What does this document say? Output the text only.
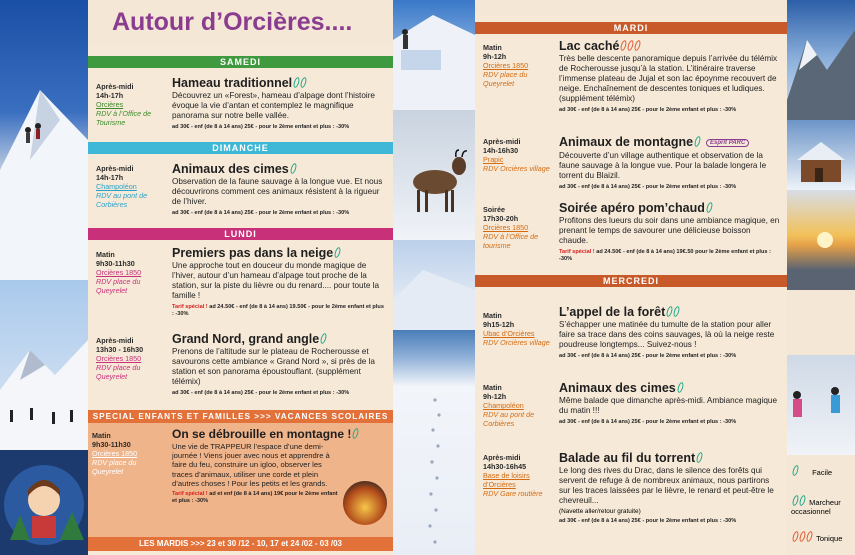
Autour d’Orcières....
SAMEDI
Après-midi
14h-17h
Orcières
RDV à l’Office de Tourisme
Hameau traditionnel
Découvrez un «Forest», hameau d’alpage dont l’histoire évoque la vie d’antan et contemplez le magnifique panorama sur notre belle vallée.
ad 30€ - enf (de 8 à 14 ans) 25€ - pour le 2ème enfant et plus : -30%
DIMANCHE
Après-midi
14h-17h
Champoléon
RDV au pont de Corbières
Animaux des cimes
Observation de la faune sauvage à la longue vue. Et nous découvrirons comment ces animaux résistent à la rigueur de l’hiver.
ad 30€ - enf (de 8 à 14 ans) 25€ - pour le 2ème enfant et plus : -30%
LUNDI
Matin
9h30-11h30
Orcières 1850
RDV place du Queyrelet
Premiers pas dans la neige
Une approche tout en douceur du monde magique de l’hiver, autour d’un hameau d’alpage tout proche de la station, sur la piste du lièvre ou du renard.... pour toute la famille !
Tarif spécial ! ad 24.50€ - enf (de 8 à 14 ans) 19.50€ - pour le 2ème enfant et plus : -30%
Après-midi
13h30 - 16h30
Orcières 1850
RDV place du Queyrelet
Grand Nord, grand angle
Prenons de l’altitude sur le plateau de Rocherousse et savourons cette ambiance « Grand Nord », si près de la station et son panorama époustouflant. (supplément télémix)
ad 30€ - enf (de 8 à 14 ans) 25€ - pour le 2ème enfant et plus : -30%
SPECIAL ENFANTS ET FAMILLES >>> VACANCES SCOLAIRES
Matin
9h30-11h30
Orcières 1850
RDV place du Queyrelet
On se débrouille en montagne !
Une vie de TRAPPEUR l’espace d’une demi-journée ! Viens jouer avec nous et apprendre à faire du feu, construire un igloo, observer les traces d’animaux, utiliser une corde et plein d’autres choses ! Pour les petits et les grands.
Tarif spécial ! ad et enf (de 8 à 14 ans) 19€ pour le 2ème enfant et plus : -30%
LES MARDIS >>> 23 et 30 /12 - 10, 17 et 24 /02 - 03 /03
MARDI
Matin
9h-12h
Orcières 1850
RDV place du Queyrelet
Lac caché
Très belle descente panoramique depuis l’arrivée du télémix de Rocherousse jusqu’à la station. L’itinéraire traverse l’immense plateau de Jujal et son lac époynme recouvert de neige. Enchaînement de descentes toniques et ludiques. (supplément télémix)
ad 30€ - enf (de 8 à 14 ans) 25€ - pour le 2ème enfant et plus : -30%
Après-midi
14h-16h30
Prapic
RDV Orcières village
Animaux de montagne	Esprit PARC
Découverte d’un village authentique et observation de la faune sauvage à la longue vue. Pour la balade longera le torrent du Blaizil.
ad 30€ - enf (de 8 à 14 ans) 25€ - pour le 2ème enfant et plus : -30%
Soirée
17h30-20h
Orcières 1850
RDV à l’Office de tourisme
Soirée apéro pom’chaud
Profitons des lueurs du soir dans une ambiance magique, en prenant le temps de savourer une délicieuse boisson chaude.
Tarif spécial ! ad 24.50€ - enf (de 8 à 14 ans) 19€.50 pour le 2ème enfant et plus : -30%
MERCREDI
Matin
9h15-12h
Ubac d’Orcières
RDV Orcières village
L’appel de la forêt
S’échapper une matinée du tumulte de la station pour aller faire sa trace dans des coins sauvages, là où la neige reste poudreuse longtemps... Suivez-nous !
ad 30€ - enf (de 8 à 14 ans) 25€ - pour le 2ème enfant et plus : -30%
Matin
9h-12h
Champoléon
RDV au pont de Corbières
Animaux des cimes
Même balade que dimanche après-midi. Ambiance magique du matin !!!
ad 30€ - enf (de 8 à 14 ans) 25€ - pour le 2ème enfant et plus : -30%
Après-midi
14h30-16h45
Base de loisirs d’Orcières
RDV Gare routière
Balade au fil du torrent
Le long des rives du Drac, dans le silence des forêts qui servent de refuge à de nombreux animaux, nous partirons sur les traces laissées par le lièvre, le renard et peut-être le chevreuil...
(Navette aller/retour gratuite)
ad 30€ - enf (de 8 à 14 ans) 25€ - pour le 2ème enfant et plus : -30%
Facile
Marcheur occasionnel
Tonique
